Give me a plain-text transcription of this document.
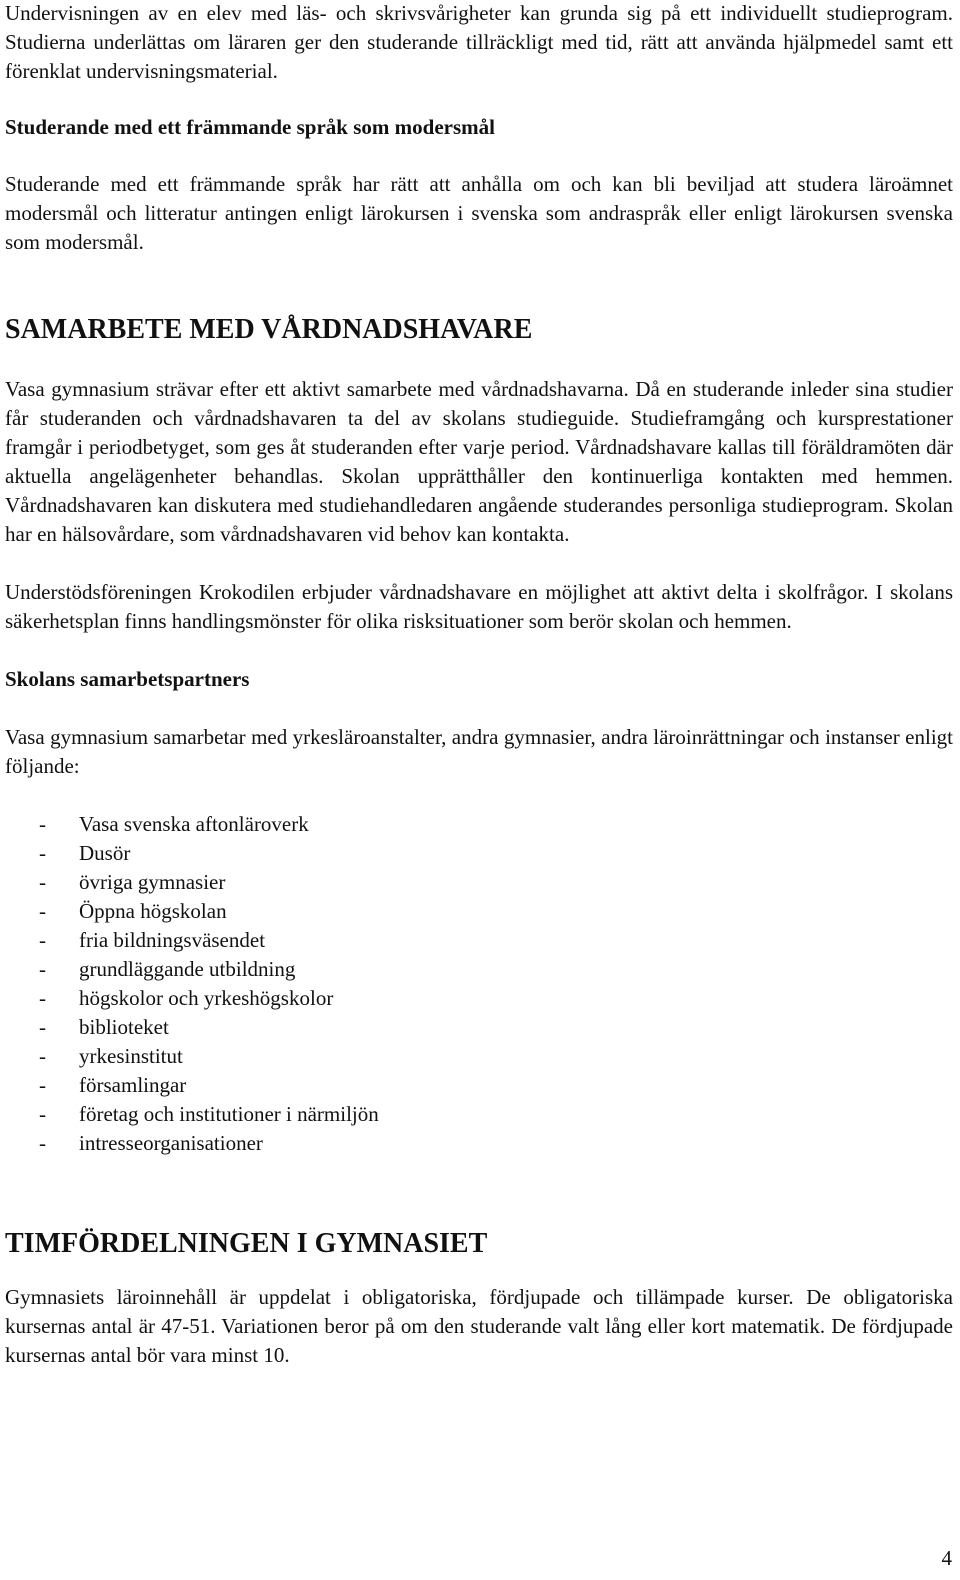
Undervisningen av en elev med läs- och skrivsvårigheter kan grunda sig på ett individuellt studieprogram. Studierna underlättas om läraren ger den studerande tillräckligt med tid, rätt att använda hjälpmedel samt ett förenklat undervisningsmaterial.

Studerande med ett främmande språk som modersmål

Studerande med ett främmande språk har rätt att anhålla om och kan bli beviljad att studera läroämnet modersmål och litteratur antingen enligt lärokursen i svenska som andraspråk eller enligt lärokursen svenska som modersmål.

SAMARBETE MED VÅRDNADSHAVARE

Vasa gymnasium strävar efter ett aktivt samarbete med vårdnadshavarna. Då en studerande inleder sina studier får studeranden och vårdnadshavaren ta del av skolans studieguide. Studieframgång och kursprestationer framgår i periodbetyget, som ges åt studeranden efter varje period. Vårdnadshavare kallas till föräldramöten där aktuella angelägenheter behandlas. Skolan upprätthåller den kontinuerliga kontakten med hemmen. Vårdnadshavaren kan diskutera med studiehandledaren angående studerandes personliga studieprogram. Skolan har en hälsovårdare, som vårdnadshavaren vid behov kan kontakta.

Understödsföreningen Krokodilen erbjuder vårdnadshavare en möjlighet att aktivt delta i skolfrågor. I skolans säkerhetsplan finns handlingsmönster för olika risksituationer som berör skolan och hemmen.

Skolans samarbetspartners

Vasa gymnasium samarbetar med yrkesläroanstalter, andra gymnasier, andra läroinrättningar och instanser enligt följande:

-	Vasa svenska aftonläroverk
-	Dusör
-	övriga gymnasier
-	Öppna högskolan
-	fria bildningsväsendet
-	grundläggande utbildning
-	högskolor och yrkeshögskolor
-	biblioteket
-	yrkesinstitut
-	församlingar
-	företag och institutioner i närmiljön
-	intresseorganisationer
TIMFÖRDELNINGEN I GYMNASIET

Gymnasiets läroinnehåll är uppdelat i obligatoriska, fördjupade och tillämpade kurser. De obligatoriska kursernas antal är 47-51. Variationen beror på om den studerande valt lång eller kort matematik. De fördjupade kursernas antal bör vara minst 10.

4
